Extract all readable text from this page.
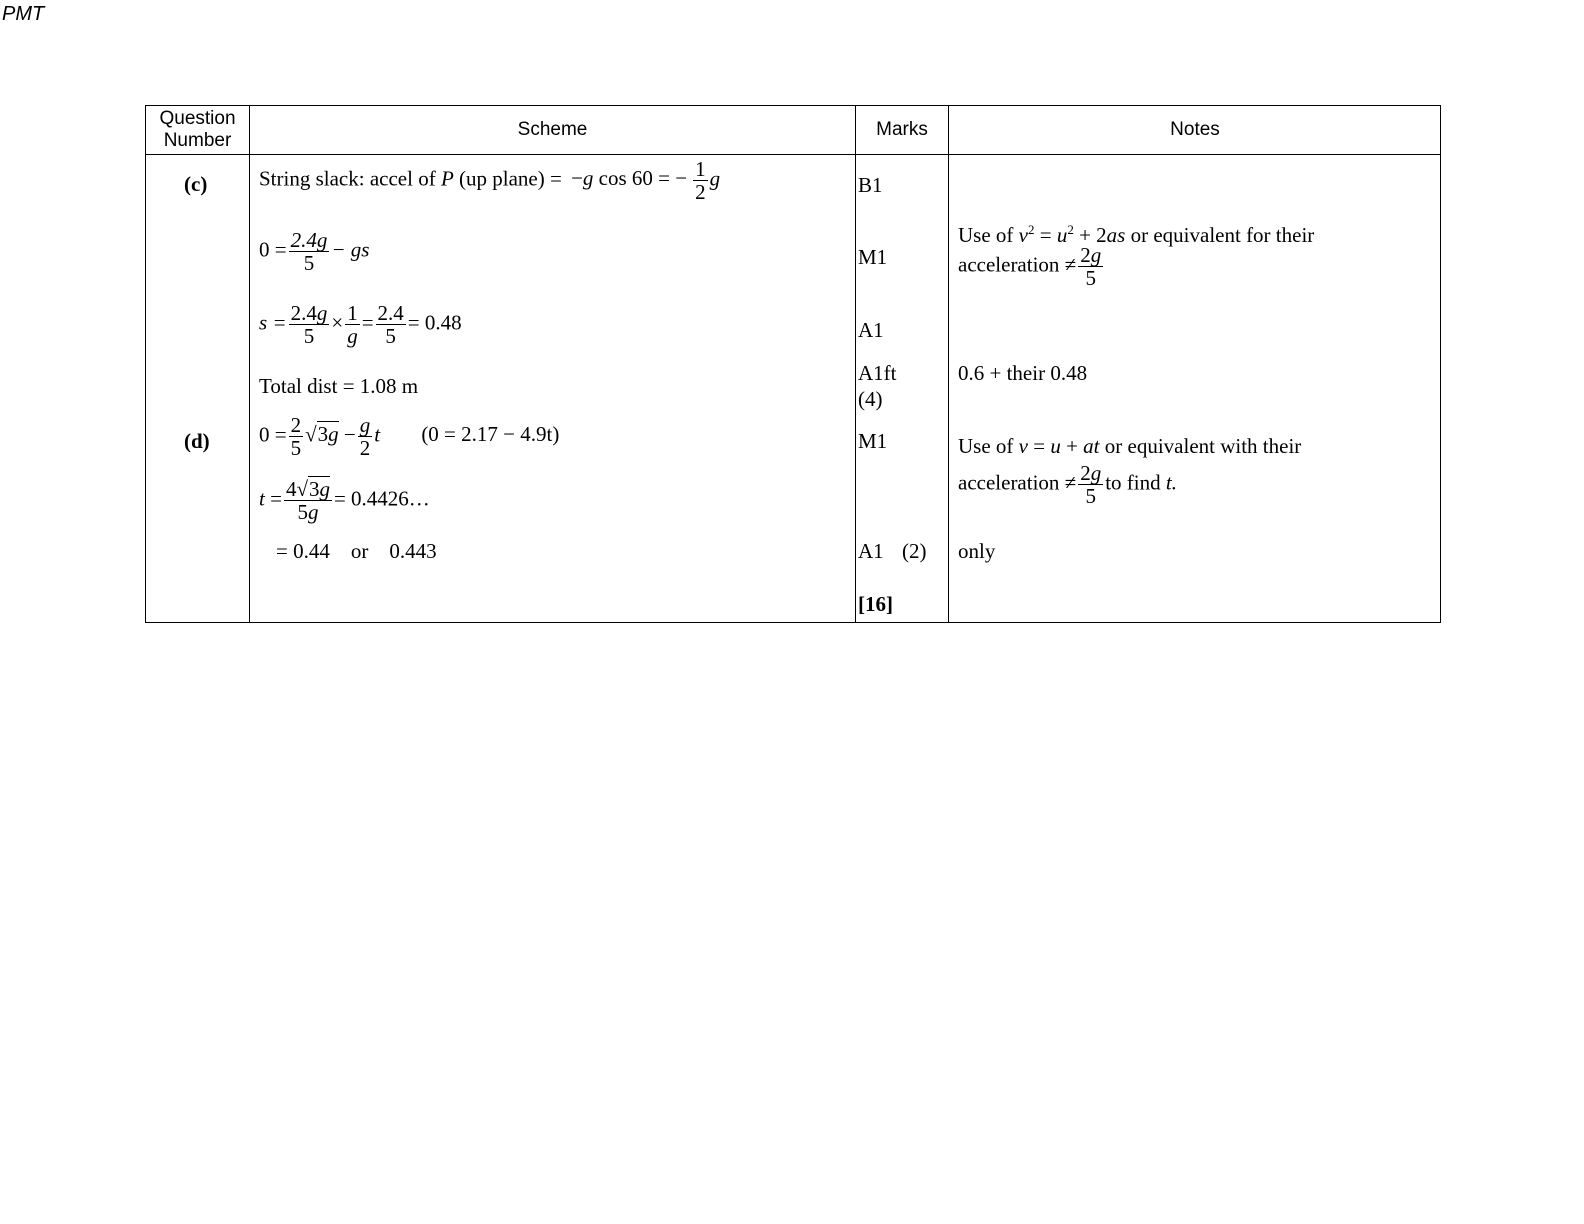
PMT
Question Number
Scheme	Marks	Notes
(c) String slack: accel of P (up plane) = −g cos 60 = − $\frac{1}{2}$ g
$0 = \frac{2.4g}{5}$ − gs
$s = \frac{2.4g}{5} \times \frac{1}{g} = \frac{2.4}{5} = 0.48$
Total dist = 1.08 m
B1
M1
A1
A1ft
(4)
Use of $v^2 = u^2 + 2as$ or equivalent for their
acceleration ≠ $\frac{2g}{5}$
0.6 + their 0.48
(d) $0 = \frac{2}{5} √3g - \frac{g}{2}$ t (0 = 2.17 − 4.9t)
$t = \frac{4√3g}{5g}$ = 0.4426…
= 0.44    or    0.443
M1
A1 (2)
[16]
Use of v = u + at or equivalent with their
acceleration ≠ $\frac{2g}{5}$ to find t.
only
